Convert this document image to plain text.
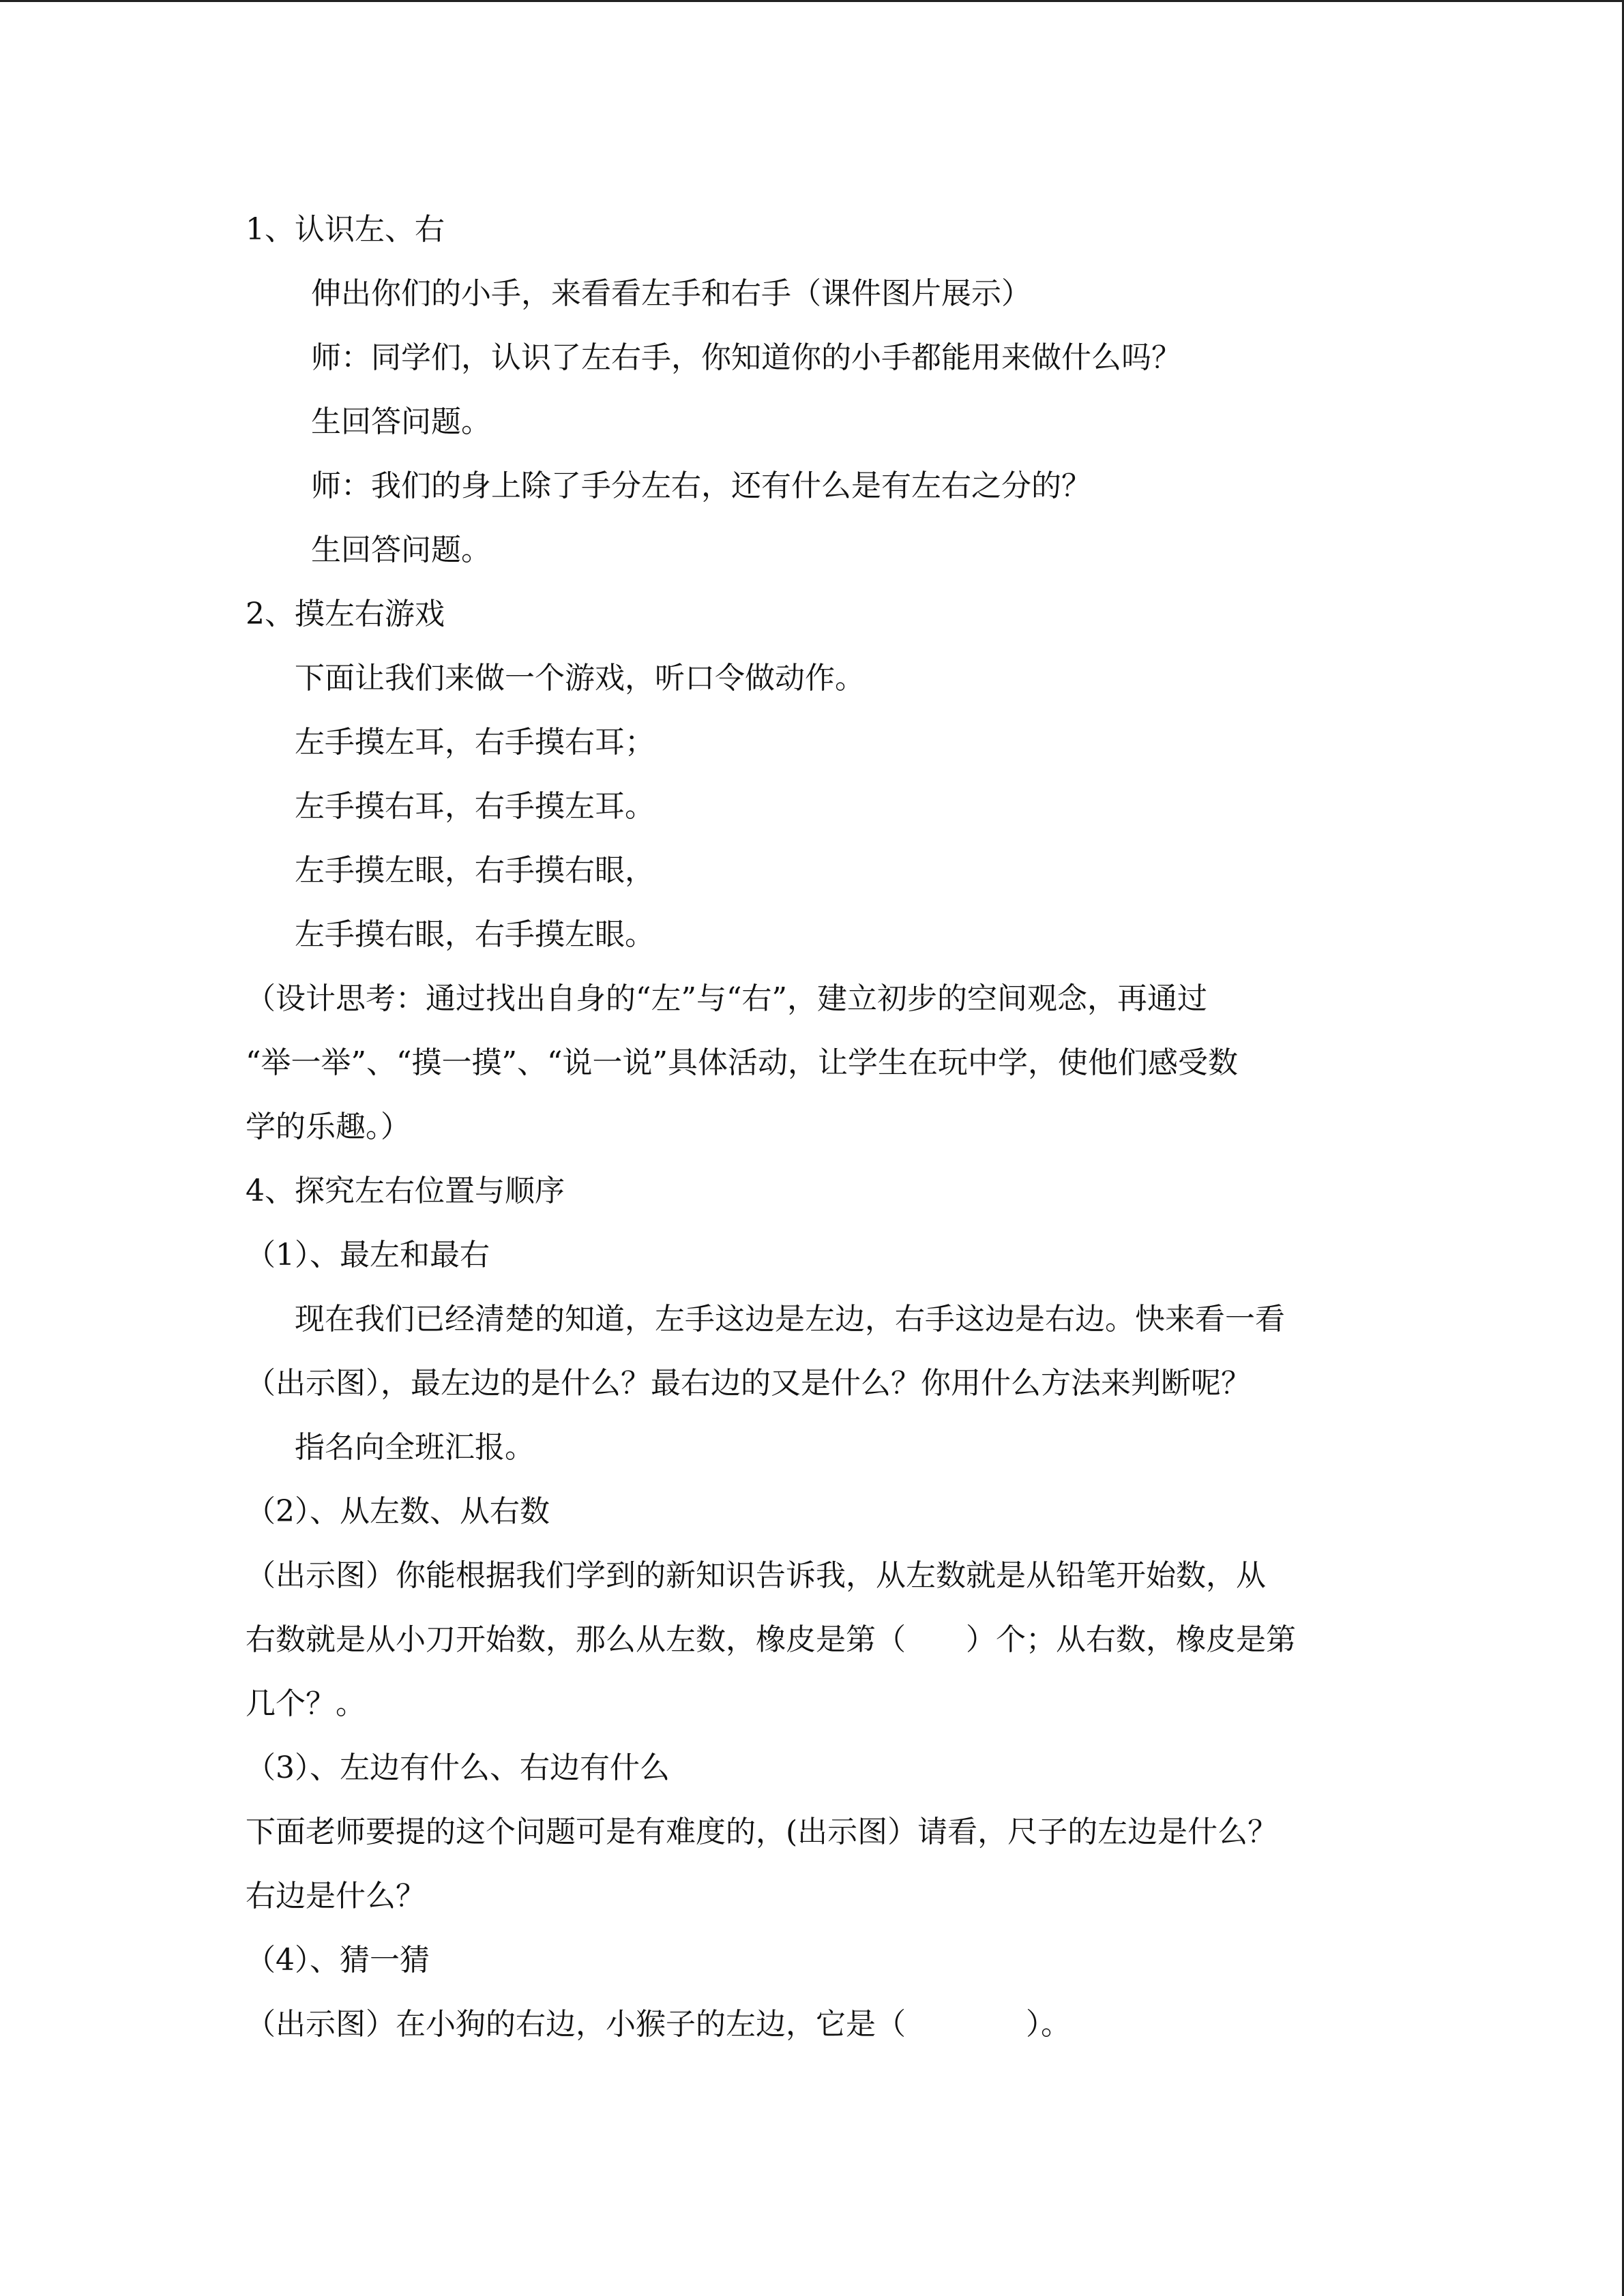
1、认识左、右
伸出你们的小手，来看看左手和右手（课件图片展示）
师：同学们，认识了左右手，你知道你的小手都能用来做什么吗？
生回答问题。
师：我们的身上除了手分左右，还有什么是有左右之分的？
生回答问题。
2、摸左右游戏
下面让我们来做一个游戏，听口令做动作。
左手摸左耳，右手摸右耳；
左手摸右耳，右手摸左耳。
左手摸左眼，右手摸右眼，
左手摸右眼，右手摸左眼。
（设计思考：通过找出自身的“左”与“右”，建立初步的空间观念，再通过
“举一举”、“摸一摸”、“说一说”具体活动，让学生在玩中学，使他们感受数
学的乐趣。）
4、探究左右位置与顺序
（1）、最左和最右
现在我们已经清楚的知道，左手这边是左边，右手这边是右边。快来看一看
（出示图），最左边的是什么？最右边的又是什么？你用什么方法来判断呢？
指名向全班汇报。
（2）、从左数、从右数
（出示图）你能根据我们学到的新知识告诉我，从左数就是从铅笔开始数，从
右数就是从小刀开始数，那么从左数，橡皮是第（　　）个；从右数，橡皮是第
几个？。
（3）、左边有什么、右边有什么
下面老师要提的这个问题可是有难度的，(出示图）请看，尺子的左边是什么？
右边是什么？
（4）、猜一猜
（出示图）在小狗的右边，小猴子的左边，它是（　　　　）。
